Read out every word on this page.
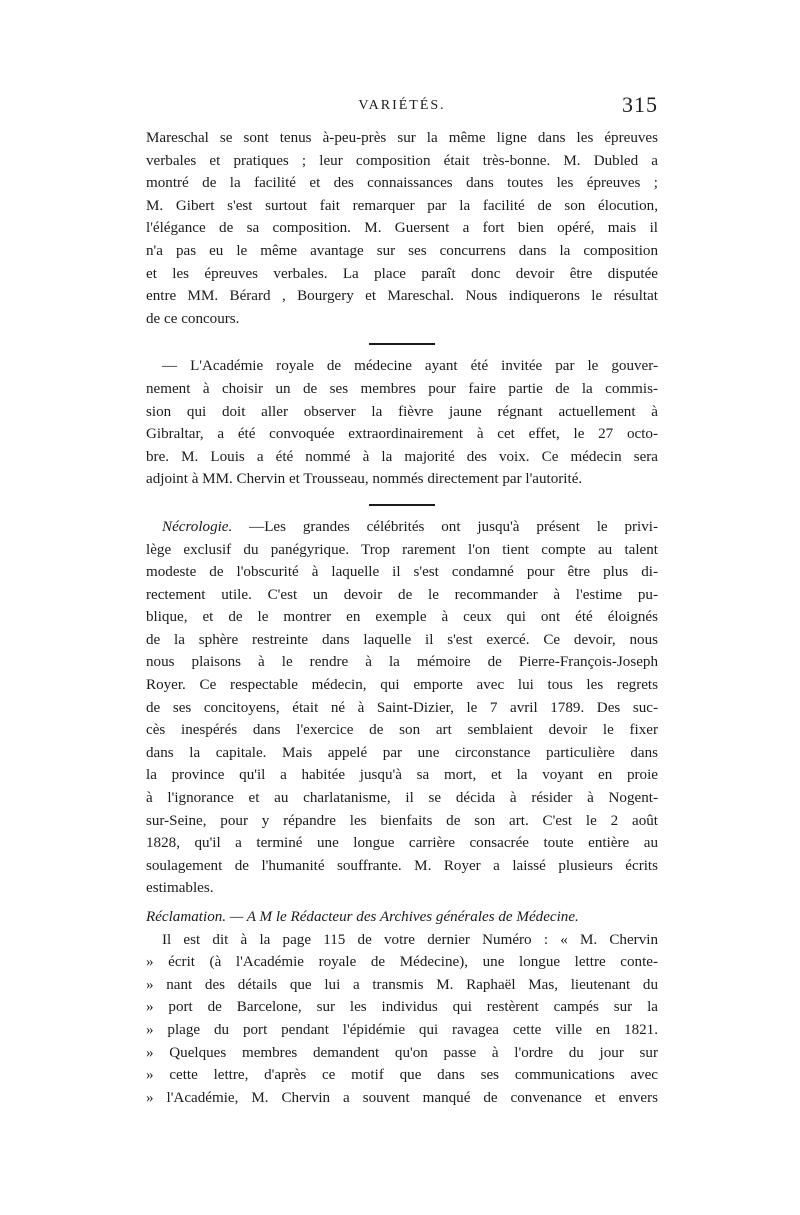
VARIÉTÉS.	315
Mareschal se sont tenus à-peu-près sur la même ligne dans les épreuves
verbales et pratiques ; leur composition était très-bonne. M. Dubled a
montré de la facilité et des connaissances dans toutes les épreuves ;
M. Gibert s'est surtout fait remarquer par la facilité de son élocution,
l'élégance de sa composition. M. Guersent a fort bien opéré, mais il
n'a pas eu le même avantage sur ses concurrens dans la composition
et les épreuves verbales. La place paraît donc devoir être disputée
entre MM. Bérard , Bourgery et Mareschal. Nous indiquerons le résultat
de ce concours.
— L'Académie royale de médecine ayant été invitée par le gouver-
nement à choisir un de ses membres pour faire partie de la commis-
sion qui doit aller observer la fièvre jaune régnant actuellement à
Gibraltar, a été convoquée extraordinairement à cet effet, le 27 octo-
bre. M. Louis a été nommé à la majorité des voix. Ce médecin sera
adjoint à MM. Chervin et Trousseau, nommés directement par l'autorité.
Nécrologie. —Les grandes célébrités ont jusqu'à présent le privi-
lège exclusif du panégyrique. Trop rarement l'on tient compte au talent
modeste de l'obscurité à laquelle il s'est condamné pour être plus di-
rectement utile. C'est un devoir de le recommander à l'estime pu-
blique, et de le montrer en exemple à ceux qui ont été éloignés
de la sphère restreinte dans laquelle il s'est exercé. Ce devoir, nous
nous plaisons à le rendre à la mémoire de Pierre-François-Joseph
Royer. Ce respectable médecin, qui emporte avec lui tous les regrets
de ses concitoyens, était né à Saint-Dizier, le 7 avril 1789. Des suc-
cès inespérés dans l'exercice de son art semblaient devoir le fixer
dans la capitale. Mais appelé par une circonstance particulière dans
la province qu'il a habitée jusqu'à sa mort, et la voyant en proie
à l'ignorance et au charlatanisme, il se décida à résider à Nogent-
sur-Seine, pour y répandre les bienfaits de son art. C'est le 2 août
1828, qu'il a terminé une longue carrière consacrée toute entière au
soulagement de l'humanité souffrante. M. Royer a laissé plusieurs écrits
estimables.
Réclamation. — A M le Rédacteur des Archives générales de Médecine.
Il est dit à la page 115 de votre dernier Numéro : « M. Chervin
» écrit (à l'Académie royale de Médecine), une longue lettre conte-
» nant des détails que lui a transmis M. Raphaël Mas, lieutenant du
» port de Barcelone, sur les individus qui restèrent campés sur la
» plage du port pendant l'épidémie qui ravagea cette ville en 1821.
» Quelques membres demandent qu'on passe à l'ordre du jour sur
» cette lettre, d'après ce motif que dans ses communications avec
» l'Académie, M. Chervin a souvent manqué de convenance et envers
